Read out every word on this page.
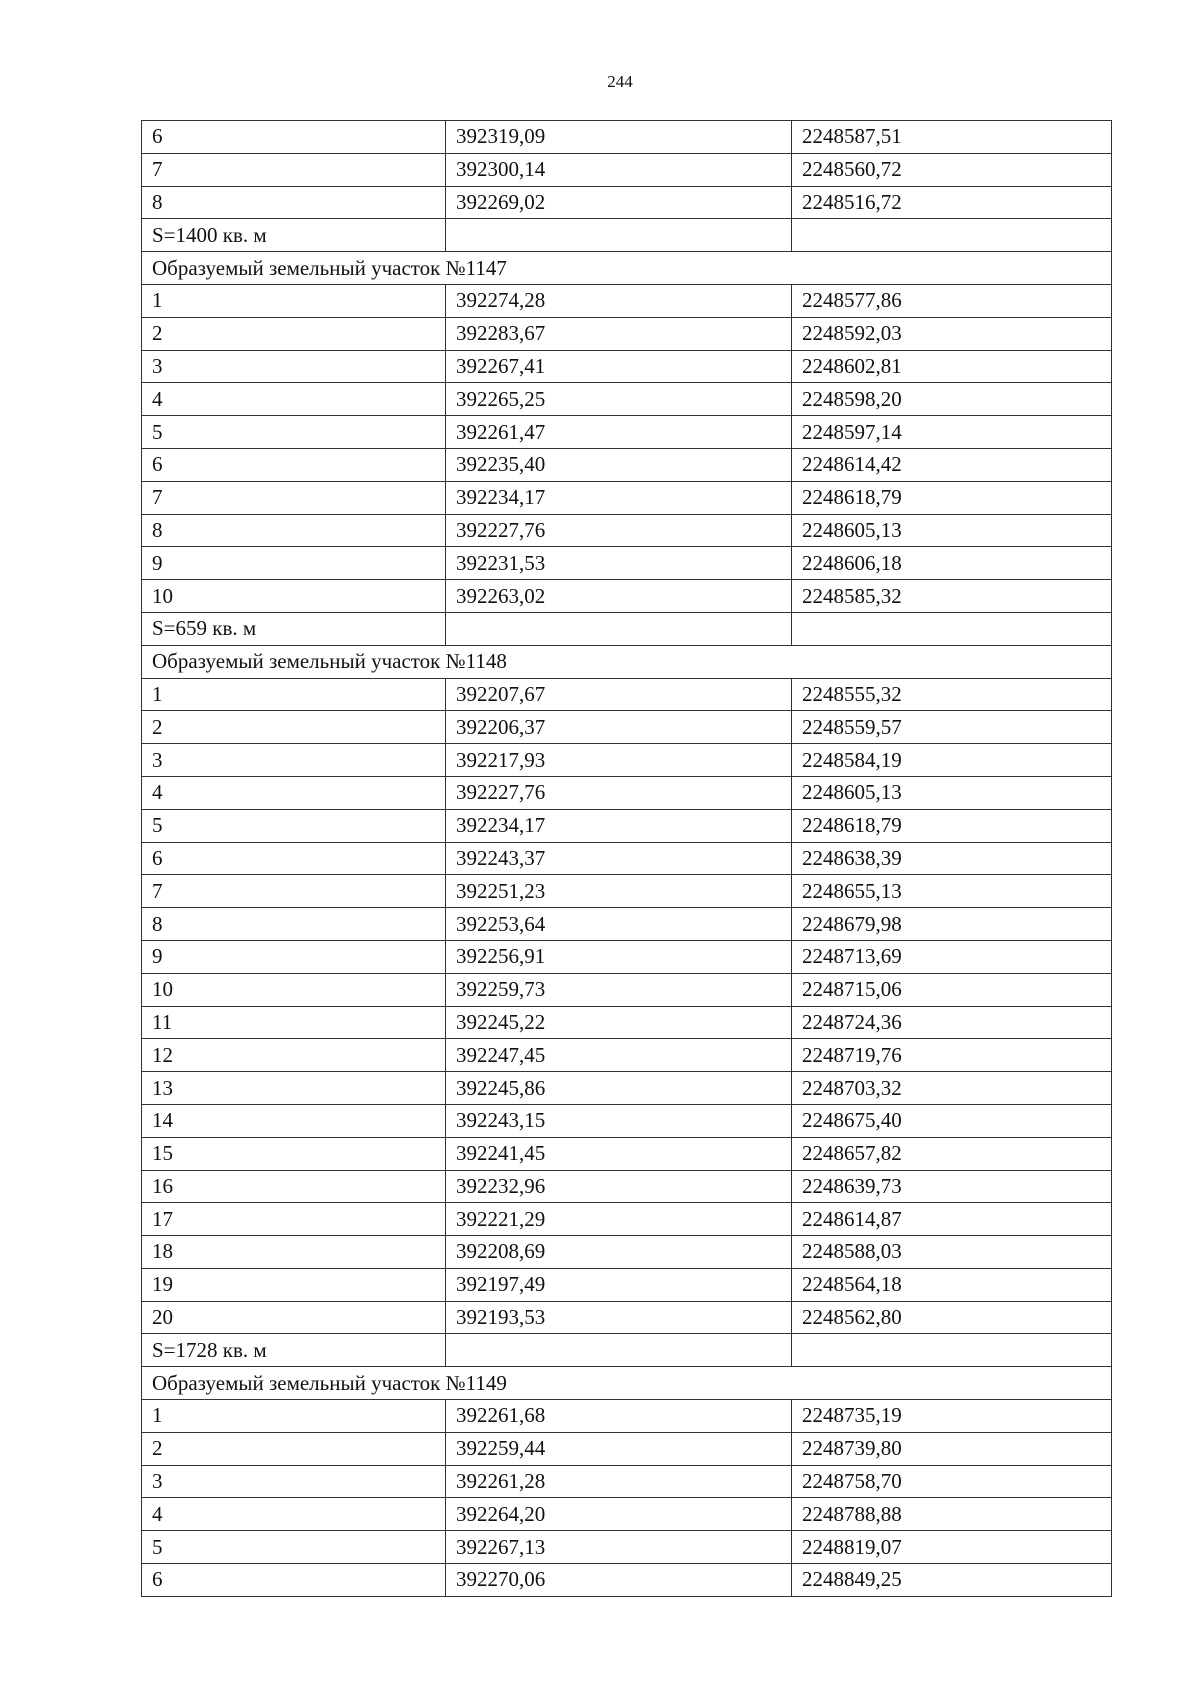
244
6	392319,09	2248587,51
7	392300,14	2248560,72
8	392269,02	2248516,72
S=1400 кв. м		
Образуемый земельный участок №1147		
1	392274,28	2248577,86
2	392283,67	2248592,03
3	392267,41	2248602,81
4	392265,25	2248598,20
5	392261,47	2248597,14
6	392235,40	2248614,42
7	392234,17	2248618,79
8	392227,76	2248605,13
9	392231,53	2248606,18
10	392263,02	2248585,32
S=659 кв. м		
Образуемый земельный участок №1148		
1	392207,67	2248555,32
2	392206,37	2248559,57
3	392217,93	2248584,19
4	392227,76	2248605,13
5	392234,17	2248618,79
6	392243,37	2248638,39
7	392251,23	2248655,13
8	392253,64	2248679,98
9	392256,91	2248713,69
10	392259,73	2248715,06
11	392245,22	2248724,36
12	392247,45	2248719,76
13	392245,86	2248703,32
14	392243,15	2248675,40
15	392241,45	2248657,82
16	392232,96	2248639,73
17	392221,29	2248614,87
18	392208,69	2248588,03
19	392197,49	2248564,18
20	392193,53	2248562,80
S=1728 кв. м		
Образуемый земельный участок №1149		
1	392261,68	2248735,19
2	392259,44	2248739,80
3	392261,28	2248758,70
4	392264,20	2248788,88
5	392267,13	2248819,07
6	392270,06	2248849,25
